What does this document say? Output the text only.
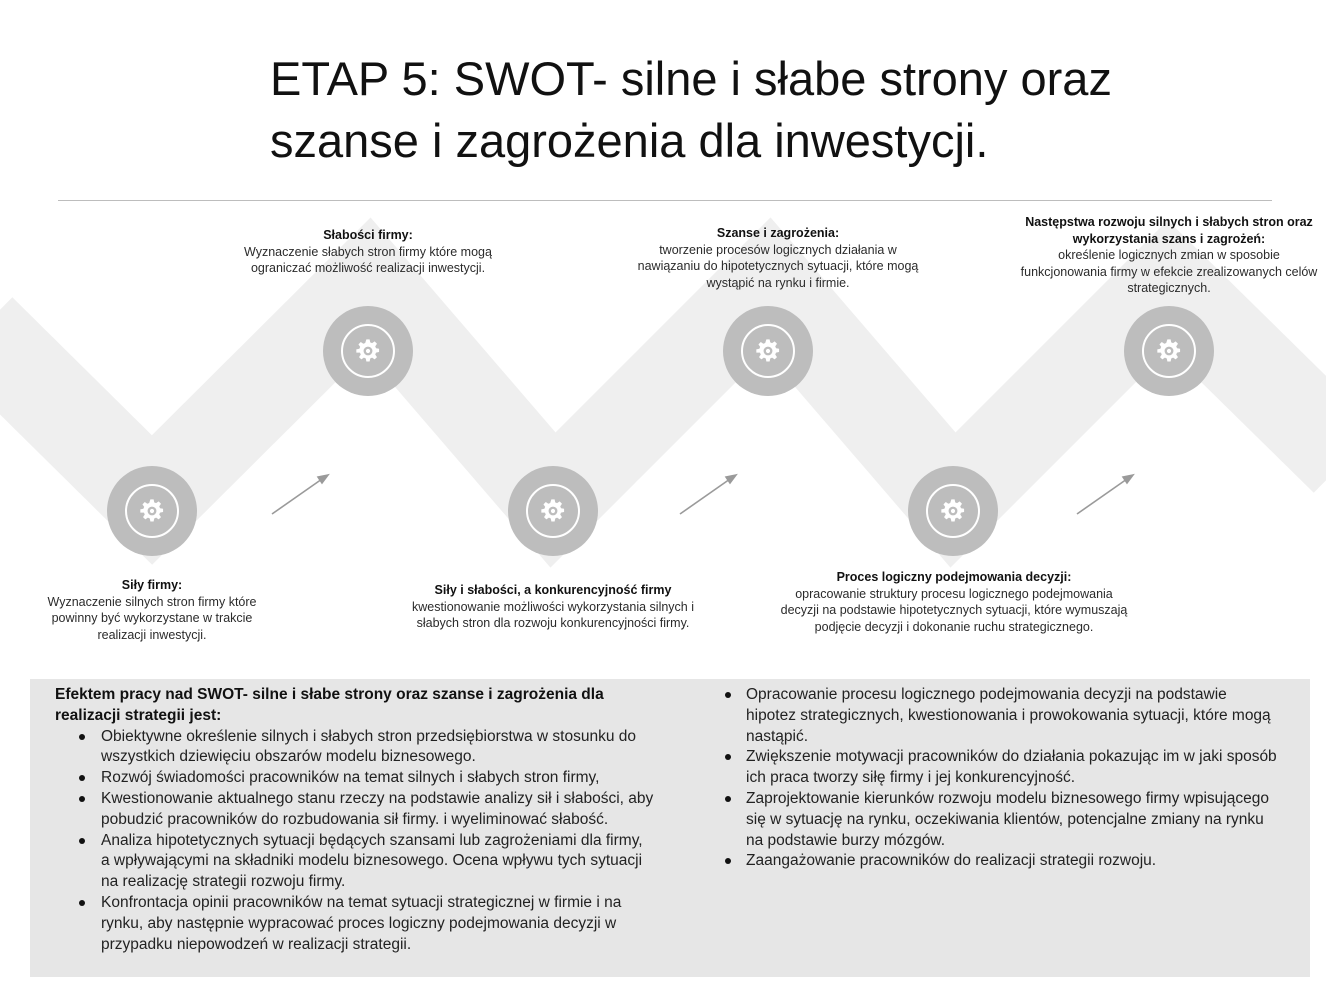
ETAP 5: SWOT- silne i słabe strony oraz
szanse i zagrożenia dla inwestycji.
Siły firmy:
Wyznaczenie silnych stron firmy które powinny być wykorzystane w trakcie realizacji inwestycji.
Słabości firmy:
Wyznaczenie słabych stron firmy które mogą ograniczać możliwość realizacji inwestycji.
Siły i słabości, a konkurencyjność firmy
kwestionowanie możliwości wykorzystania silnych i słabych stron dla rozwoju konkurencyjności firmy.
Szanse i zagrożenia:
tworzenie procesów logicznych działania w nawiązaniu do hipotetycznych sytuacji, które mogą wystąpić na rynku i firmie.
Proces logiczny podejmowania decyzji:
opracowanie struktury procesu logicznego podejmowania decyzji na podstawie hipotetycznych sytuacji, które wymuszają podjęcie decyzji i dokonanie ruchu strategicznego.
Następstwa rozwoju silnych i słabych stron oraz wykorzystania szans i zagrożeń:
określenie logicznych zmian w sposobie funkcjonowania firmy w efekcie zrealizowanych celów strategicznych.
Efektem pracy nad SWOT- silne i słabe strony oraz szanse i zagrożenia dla realizacji strategii jest:
Obiektywne określenie silnych i słabych stron przedsiębiorstwa w stosunku do wszystkich dziewięciu obszarów modelu biznesowego.
Rozwój świadomości pracowników na temat silnych i słabych stron firmy,
Kwestionowanie aktualnego stanu rzeczy na podstawie analizy sił i słabości, aby pobudzić pracowników do rozbudowania sił firmy. i wyeliminować słabość.
Analiza hipotetycznych sytuacji będących szansami lub zagrożeniami dla firmy, a wpływającymi na składniki modelu biznesowego. Ocena wpływu tych sytuacji na realizację strategii rozwoju firmy.
Konfrontacja opinii pracowników na temat sytuacji strategicznej w firmie i na rynku, aby następnie wypracować proces logiczny podejmowania decyzji w przypadku niepowodzeń w realizacji strategii.
Opracowanie procesu logicznego podejmowania decyzji na podstawie hipotez strategicznych, kwestionowania i prowokowania sytuacji, które mogą nastąpić.
Zwiększenie motywacji pracowników do działania pokazując im w jaki sposób ich praca tworzy siłę firmy i jej konkurencyjność.
Zaprojektowanie kierunków rozwoju modelu biznesowego firmy wpisującego się w sytuację na rynku, oczekiwania klientów, potencjalne zmiany na rynku na podstawie burzy mózgów.
Zaangażowanie pracowników do realizacji strategii rozwoju.
